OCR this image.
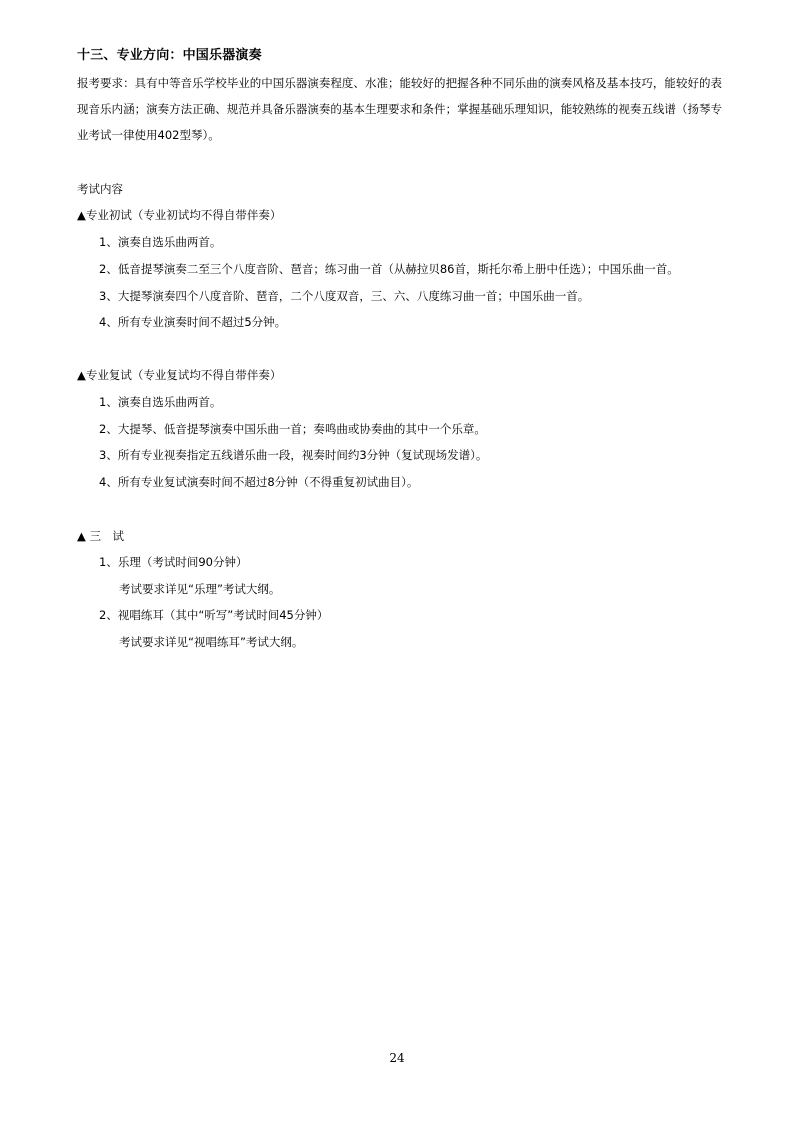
十三、专业方向：中国乐器演奏
报考要求：具有中等音乐学校毕业的中国乐器演奏程度、水准；能较好的把握各种不同乐曲的演奏风格及基本技巧，能较好的表现音乐内涵；演奏方法正确、规范并具备乐器演奏的基本生理要求和条件；掌握基础乐理知识，能较熟练的视奏五线谱（扬琴专业考试一律使用402型琴）。
考试内容
▲专业初试（专业初试均不得自带伴奏）
1、演奏自选乐曲两首。
2、低音提琴演奏二至三个八度音阶、琶音；练习曲一首（从赫拉贝86首，斯托尔希上册中任选）；中国乐曲一首。
3、大提琴演奏四个八度音阶、琶音，二个八度双音，三、六、八度练习曲一首；中国乐曲一首。
4、所有专业演奏时间不超过5分钟。
▲专业复试（专业复试均不得自带伴奏）
1、演奏自选乐曲两首。
2、大提琴、低音提琴演奏中国乐曲一首；奏鸣曲或协奏曲的其中一个乐章。
3、所有专业视奏指定五线谱乐曲一段，视奏时间约3分钟（复试现场发谱）。
4、所有专业复试演奏时间不超过8分钟（不得重复初试曲目）。
▲ 三　试
1、乐理（考试时间90分钟）
考试要求详见“乐理”考试大纲。
2、视唱练耳（其中“听写”考试时间45分钟）
考试要求详见“视唱练耳”考试大纲。
24
